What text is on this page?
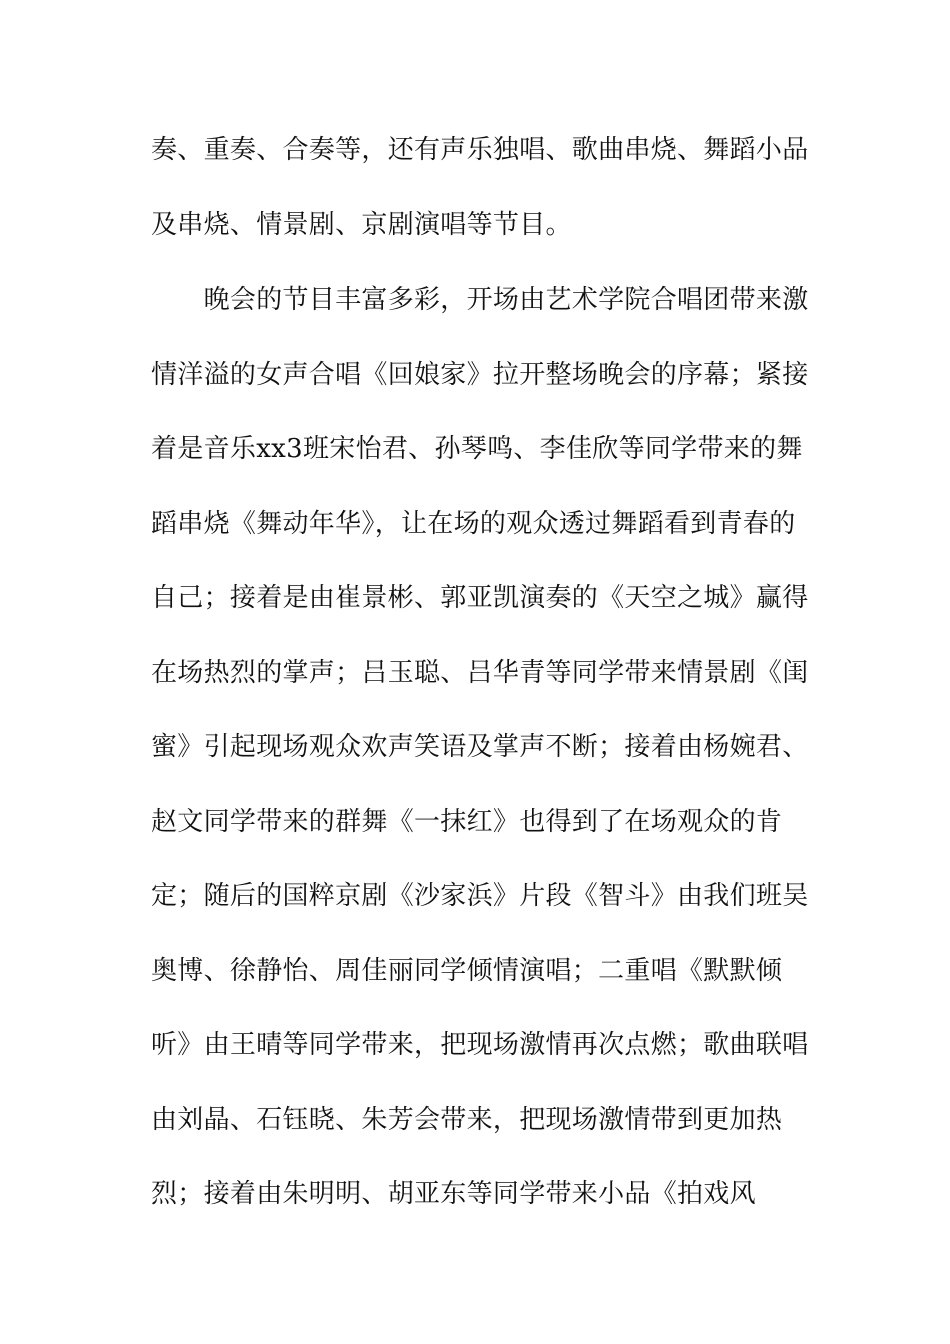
奏、重奏、合奏等，还有声乐独唱、歌曲串烧、舞蹈小品
及串烧、情景剧、京剧演唱等节目。
　　晚会的节目丰富多彩，开场由艺术学院合唱团带来激
情洋溢的女声合唱《回娘家》拉开整场晚会的序幕；紧接
着是音乐xx3班宋怡君、孙琴鸣、李佳欣等同学带来的舞
蹈串烧《舞动年华》，让在场的观众透过舞蹈看到青春的
自己；接着是由崔景彬、郭亚凯演奏的《天空之城》赢得
在场热烈的掌声；吕玉聪、吕华青等同学带来情景剧《闺
蜜》引起现场观众欢声笑语及掌声不断；接着由杨婉君、
赵文同学带来的群舞《一抹红》也得到了在场观众的肯
定；随后的国粹京剧《沙家浜》片段《智斗》由我们班吴
奥博、徐静怡、周佳丽同学倾情演唱；二重唱《默默倾
听》由王晴等同学带来，把现场激情再次点燃；歌曲联唱
由刘晶、石钰晓、朱芳会带来，把现场激情带到更加热
烈；接着由朱明明、胡亚东等同学带来小品《拍戏风
